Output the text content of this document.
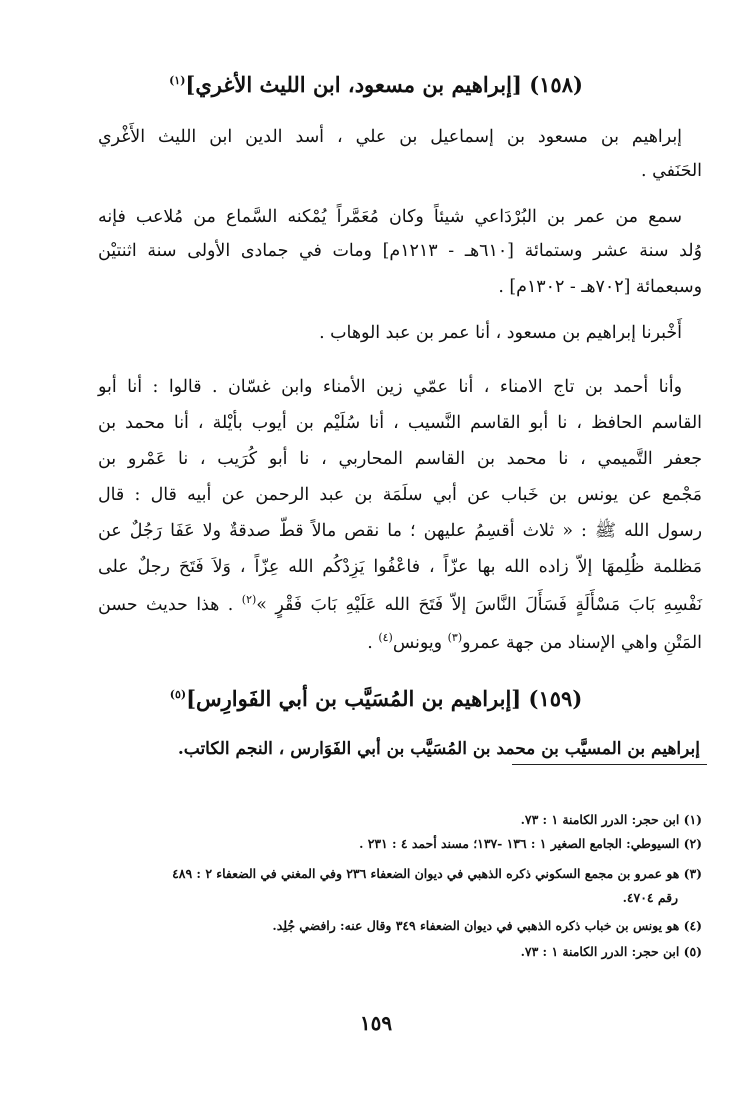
(١٥٨) [إبراهيم بن مسعود، ابن الليث الأغري]$^{(١)}$
إبراهيم بن مسعود بن إسماعيل بن علي ، أسد الدين ابن الليث الأَغْري
الحَنَفي .
سمع من عمر بن البُرْدَاعي شيئاً وكان مُعَمَّراً يُمْكنه السَّماع من مُلاعب فإنه
وُلد سنة عشر وستمائة [٦١٠هـ - ١٢١٣م] ومات في جمادى الأولى سنة اثنتيْن
وسبعمائة [٧٠٢هـ - ١٣٠٢م] .
أَخْبرنا إبراهيم بن مسعود ، أنا عمر بن عبد الوهاب .
وأنا أحمد بن تاج الامناء ، أنا عمّي زين الأمناء وابن غسّان . قالوا : أنا أبو
القاسم الحافظ ، نا أبو القاسم النَّسيب ، أنا سُلَيْم بن أيوب بأيْلة ، أنا محمد بن
جعفر التَّميمي ، نا محمد بن القاسم المحاربي ، نا أبو كُرَيب ، نا عَمْرو بن
مَجْمع عن يونس بن خَباب عن أبي سلَمَة بن عبد الرحمن عن أبيه قال : قال
رسول الله ﷺ : « ثلاث أقسِمُ عليهن ؛ ما نقص مالاً قطّ صدقةٌ ولا عَفَا رَجُلٌ عن
مَظلمة ظُلِمهَا إلاّ زاده الله بها عزّاً ، فاعْفُوا يَزِدْكُم الله عِزّاً ، وَلاَ فَتَحَ رجلٌ على
نَفْسِهِ بَابَ مَسْأَلَةٍ فَسَأَلَ النَّاسَ إلاّ فَتَحَ الله عَلَيْهِ بَابَ فَقْرٍ »$^{(٢)}$ . هذا حديث حسن
المَتْنِ واهي الإسناد من جهة عمرو$^{(٣)}$ ويونس$^{(٤)}$ .
(١٥٩) [إبراهيم بن المُسَيَّب بن أبي الفَوارِس]$^{(٥)}$
إبراهيم بن المسيَّب بن محمد بن المُسَيَّب بن أبي الفَوَارس ، النجم الكاتب.
(١) ابن حجر: الدرر الكامنة ١ : ٧٣.
(٢) السيوطي: الجامع الصغير ١ : ١٣٦ -١٣٧؛ مسند أحمد ٤ : ٢٣١ .
(٣) هو عمرو بن مجمع السكوني ذكره الذهبي في ديوان الضعفاء ٢٣٦ وفي المغني في الضعفاء ٢ : ٤٨٩
رقم ٤٧٠٤.
(٤) هو يونس بن خباب ذكره الذهبي في ديوان الضعفاء ٣٤٩ وقال عنه: رافضي جُلِد.
(٥) ابن حجر: الدرر الكامنة ١ : ٧٣.
١٥٩
